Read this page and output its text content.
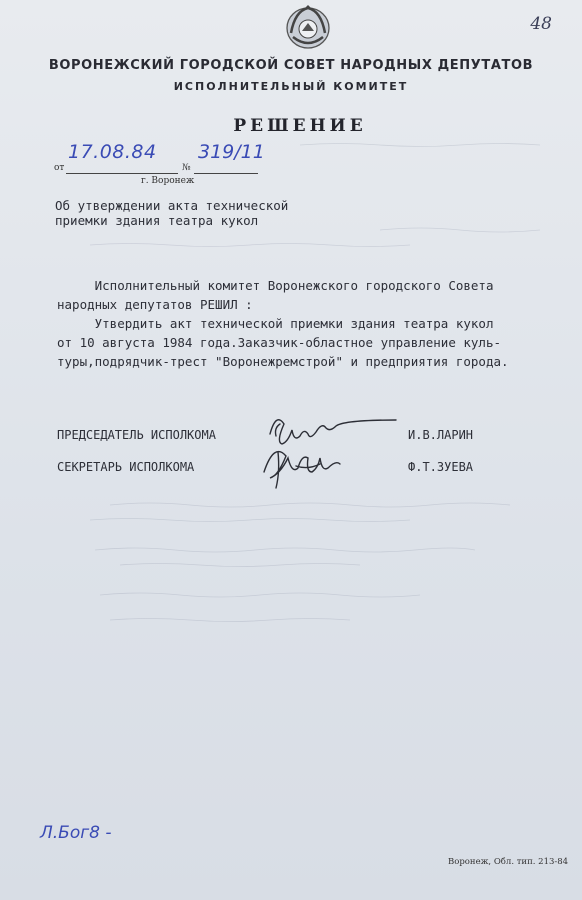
48
ВОРОНЕЖСКИЙ ГОРОДСКОЙ СОВЕТ НАРОДНЫХ ДЕПУТАТОВ
ИСПОЛНИТЕЛЬНЫЙ КОМИТЕТ
РЕШЕНИЕ
от
17.08.84
№
319/11
г. Воронеж
Об утверждении акта технической
приемки здания театра кукол
Исполнительный комитет Воронежского городского Совета
народных депутатов РЕШИЛ :
Утвердить акт технической приемки здания театра кукол
от 10 августа 1984 года.Заказчик-областное управление куль-
туры,подрядчик-трест "Воронежремстрой" и предприятия города.
ПРЕДСЕДАТЕЛЬ ИСПОЛКОМА	И.В.ЛАРИН
СЕКРЕТАРЬ ИСПОЛКОМА	Ф.Т.ЗУЕВА
Л.Бог8 -
Воронеж, Обл. тип. 213-84
